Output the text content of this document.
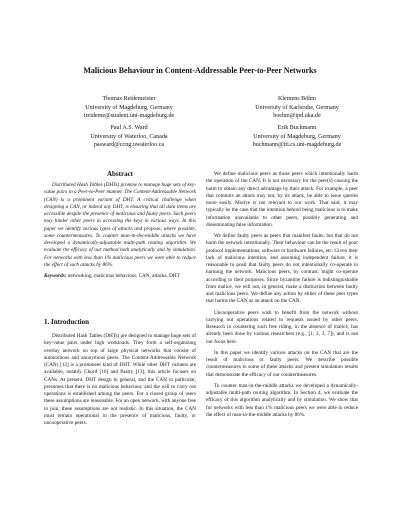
Malicious Behaviour in Content-Addressable Peer-to-Peer Networks
Thomas Reidemeister
University of Magdeburg, Germany
treideme@student.uni-magdeburg.de
Klemens Böhm
University of Karlsruhe, Germany
boehm@ipd.uka.de
Paul A.S. Ward
University of Waterloo, Canada
pasward@ccng.uwaterloo.ca
Erik Buchmann
University of Magdeburg, Germany
buchmann@iti.cs.uni-magdeburg.de
Abstract

Distributed Hash Tables (DHTs) promise to manage huge sets of key-value pairs in a Peer-to-Peer manner. The Content-Addressable Network (CAN) is a prominent variant of DHT. A critical challenge when designing a CAN, or indeed any DHT, is ensuring that all data items are accessible despite the presence of malicious and faulty peers. Such peers may hinder other peers in accessing the keys in various ways. In this paper we identify various types of attacks and propose, where possible, some countermeasures. To counter man-in-the-middle attacks we have developed a dynamically-adjustable multi-path routing algorithm. We evaluate the efficacy of our method both analytically and by simulation. For networks with less than 1% malicious peers we were able to reduce the effect of such attacks by 86%.

Keywords: networking, malicious behaviour, CAN, attacks, DHT

1. Introduction

Distributed Hash Tables (DHTs) are designed to manage huge sets of key-value pairs under high workloads. They form a self-organizing overlay network on top of large physical networks that consist of autonomous and anonymous peers. The Content-Addressable Network (CAN) [12] is a prominent kind of DHT. While other DHT variants are available, notably Chord [16] and Pastry [13], this article focuses on CANs. At present, DHT design in general, and the CAN in particular, presumes that there is no malicious behaviour, and the will to carry out operations is established among the peers. For a closed group of users these assumptions are reasonable. For an open network, with anyone free to join, these assumptions are not realistic. In this situation, the CAN must remain operational in the presence of malicious, faulty, or uncooperative peers.

We define malicious peers as those peers which intentionally harm the operation of the CAN. It is not necessary for the peer(s) causing the harm to obtain any direct advantage by their attack. For example, a peer that commits an attack may not, by its attack, be able to issue queries more easily. Motive is not relevant to our work. That said, it may typically be the case that the intention behind being malicious is to make information unavailable to other peers, possibly generating and disseminating false information.

We define faulty peers as peers that manifest faults, but that do not harm the network intentionally. Their behaviour can be the result of poor protocol implementations, software or hardware failures, etc. Given their lack of malicious intention, and assuming independent failure, it is reasonable to posit that faulty peers do not intentionally co-operate in harming the network. Malicious peers, by contrast, might co-operate according to their purposes. Since byzantine failure is indistinguishable from malice, we will not, in general, make a distinction between faulty and malicious peers. We define any action by either of these peer types that harms the CAN as an attack on the CAN.

Uncooperative peers wish to benefit from the network without carrying out operations related to requests issued by other peers. Research in countering such free riding, in the absence of malice, has already been done by various researchers (e.g., [1, 2, 3, 7]), and is not our focus here.

In this paper we identify various attacks on the CAN that are the result of malicious or faulty peers. We describe possible countermeasures to some of these attacks and present simulation results that demonstrate the efficacy of our countermeasures.

To counter man-in-the-middle attacks we developed a dynamically-adjustable multi-path routing algorithm. In Section 4, we evaluate the efficacy of this algorithm analytically and by simulation. We show that for networks with less than 1% malicious peers we were able to reduce the effect of man-in-the-middle attacks by 86%.
